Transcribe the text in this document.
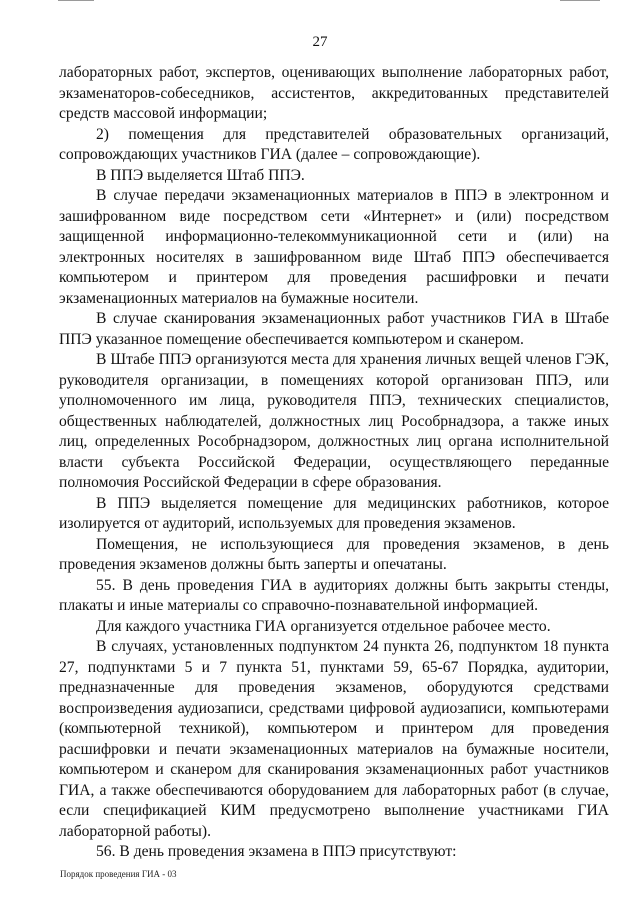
27

лабораторных работ, экспертов, оценивающих выполнение лабораторных работ, экзаменаторов-собеседников, ассистентов, аккредитованных представителей средств массовой информации;

2) помещения для представителей образовательных организаций, сопровождающих участников ГИА (далее – сопровождающие).

В ППЭ выделяется Штаб ППЭ.

В случае передачи экзаменационных материалов в ППЭ в электронном и зашифрованном виде посредством сети «Интернет» и (или) посредством защищенной информационно-телекоммуникационной сети и (или) на электронных носителях в зашифрованном виде Штаб ППЭ обеспечивается компьютером и принтером для проведения расшифровки и печати экзаменационных материалов на бумажные носители.

В случае сканирования экзаменационных работ участников ГИА в Штабе ППЭ указанное помещение обеспечивается компьютером и сканером.

В Штабе ППЭ организуются места для хранения личных вещей членов ГЭК, руководителя организации, в помещениях которой организован ППЭ, или уполномоченного им лица, руководителя ППЭ, технических специалистов, общественных наблюдателей, должностных лиц Рособрнадзора, а также иных лиц, определенных Рособрнадзором, должностных лиц органа исполнительной власти субъекта Российской Федерации, осуществляющего переданные полномочия Российской Федерации в сфере образования.

В ППЭ выделяется помещение для медицинских работников, которое изолируется от аудиторий, используемых для проведения экзаменов.

Помещения, не использующиеся для проведения экзаменов, в день проведения экзаменов должны быть заперты и опечатаны.

55. В день проведения ГИА в аудиториях должны быть закрыты стенды, плакаты и иные материалы со справочно-познавательной информацией.

Для каждого участника ГИА организуется отдельное рабочее место.

В случаях, установленных подпунктом 24 пункта 26, подпунктом 18 пункта 27, подпунктами 5 и 7 пункта 51, пунктами 59, 65-67 Порядка, аудитории, предназначенные для проведения экзаменов, оборудуются средствами воспроизведения аудиозаписи, средствами цифровой аудиозаписи, компьютерами (компьютерной техникой), компьютером и принтером для проведения расшифровки и печати экзаменационных материалов на бумажные носители, компьютером и сканером для сканирования экзаменационных работ участников ГИА, а также обеспечиваются оборудованием для лабораторных работ (в случае, если спецификацией КИМ предусмотрено выполнение участниками ГИА лабораторной работы).

56. В день проведения экзамена в ППЭ присутствуют:

Порядок проведения ГИА - 03
